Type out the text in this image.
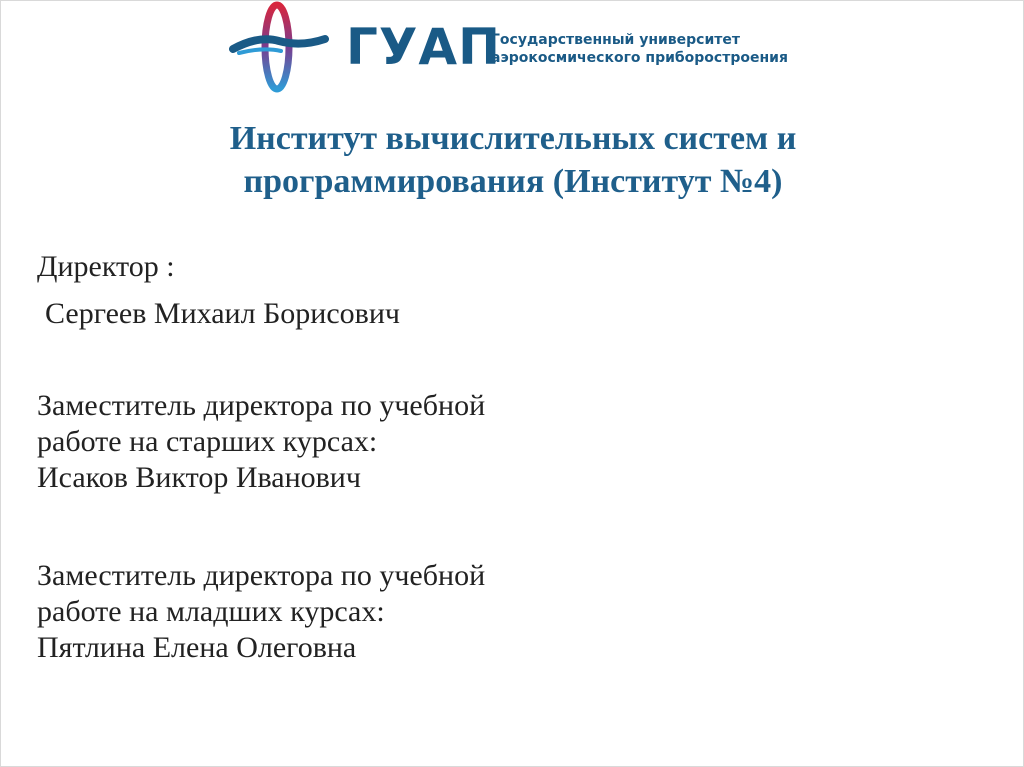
ГУАП
Государственный университет
аэрокосмического приборостроения
Институт вычислительных систем и
программирования (Институт №4)
Директор :
Сергеев Михаил Борисович
Заместитель директора по учебной
работе на старших курсах:
Исаков Виктор Иванович
Заместитель директора по учебной
работе на младших курсах:
Пятлина Елена Олеговна
